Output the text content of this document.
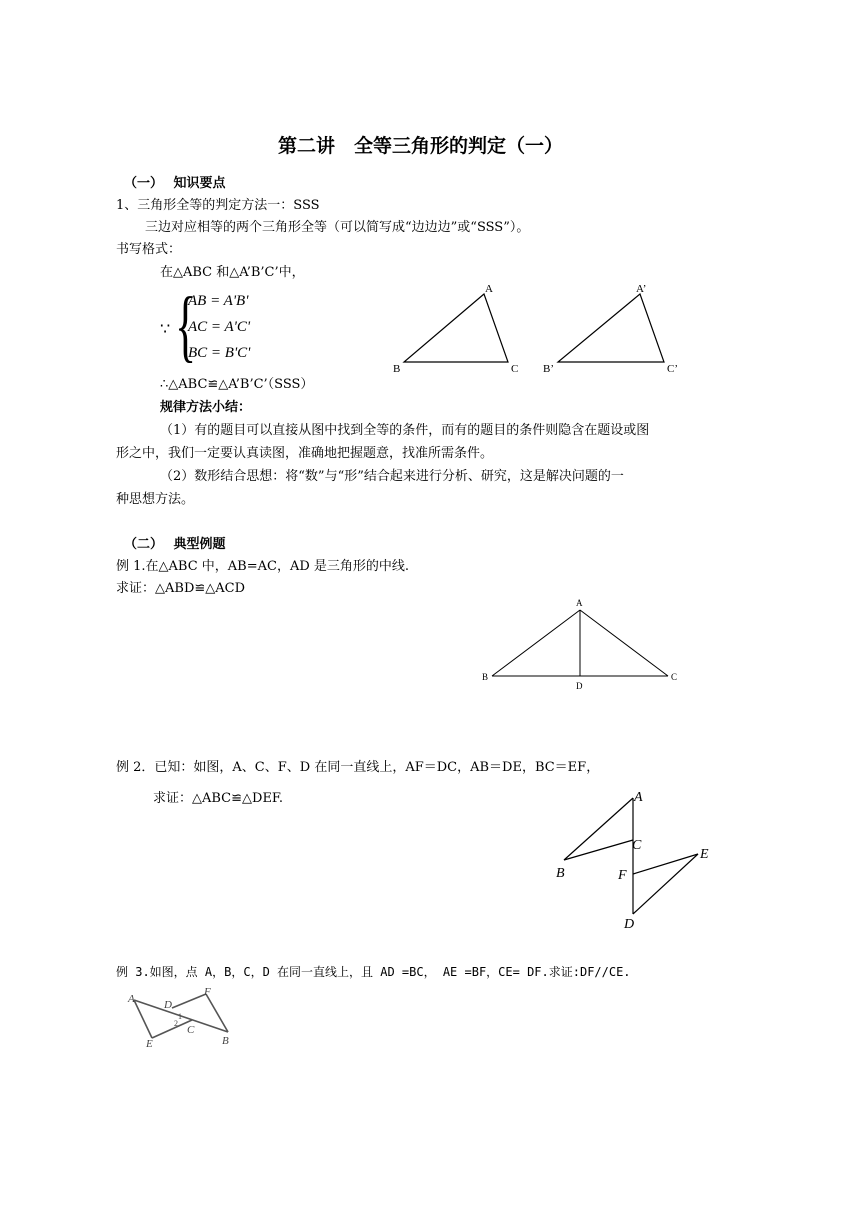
第二讲　全等三角形的判定（一）
（一） 知识要点
1、三角形全等的判定方法一：SSS
三边对应相等的两个三角形全等（可以简写成“边边边”或“SSS”）。
书写格式：
在△ABC 和△A’B’C’中，
∵ {
AB = A'B'
AC = A'C'
BC = B'C'
∴△ABC≌△A’B’C’（SSS）
规律方法小结：
（1）有的题目可以直接从图中找到全等的条件，而有的题目的条件则隐含在题设或图
形之中，我们一定要认真读图，准确地把握题意，找准所需条件。
（2）数形结合思想：将“数”与“形”结合起来进行分析、研究，这是解决问题的一
种思想方法。
A
B	C
A’
B’	C’
（二） 典型例题
例 1.在△ABC 中，AB=AC，AD 是三角形的中线.
求证：△ABD≌△ACD
A
B	C
D
例 2．已知：如图，A、C、F、D 在同一直线上，AF＝DC，AB＝DE，BC＝EF，
求证：△ABC≌△DEF.	A
B
C
D
E
F
例 3.如图，点 A，B，C，D 在同一直线上，且 AD =BC， AE =BF，CE= DF.求证:DF//CE.
A
B
C
D
E
F
1
2
